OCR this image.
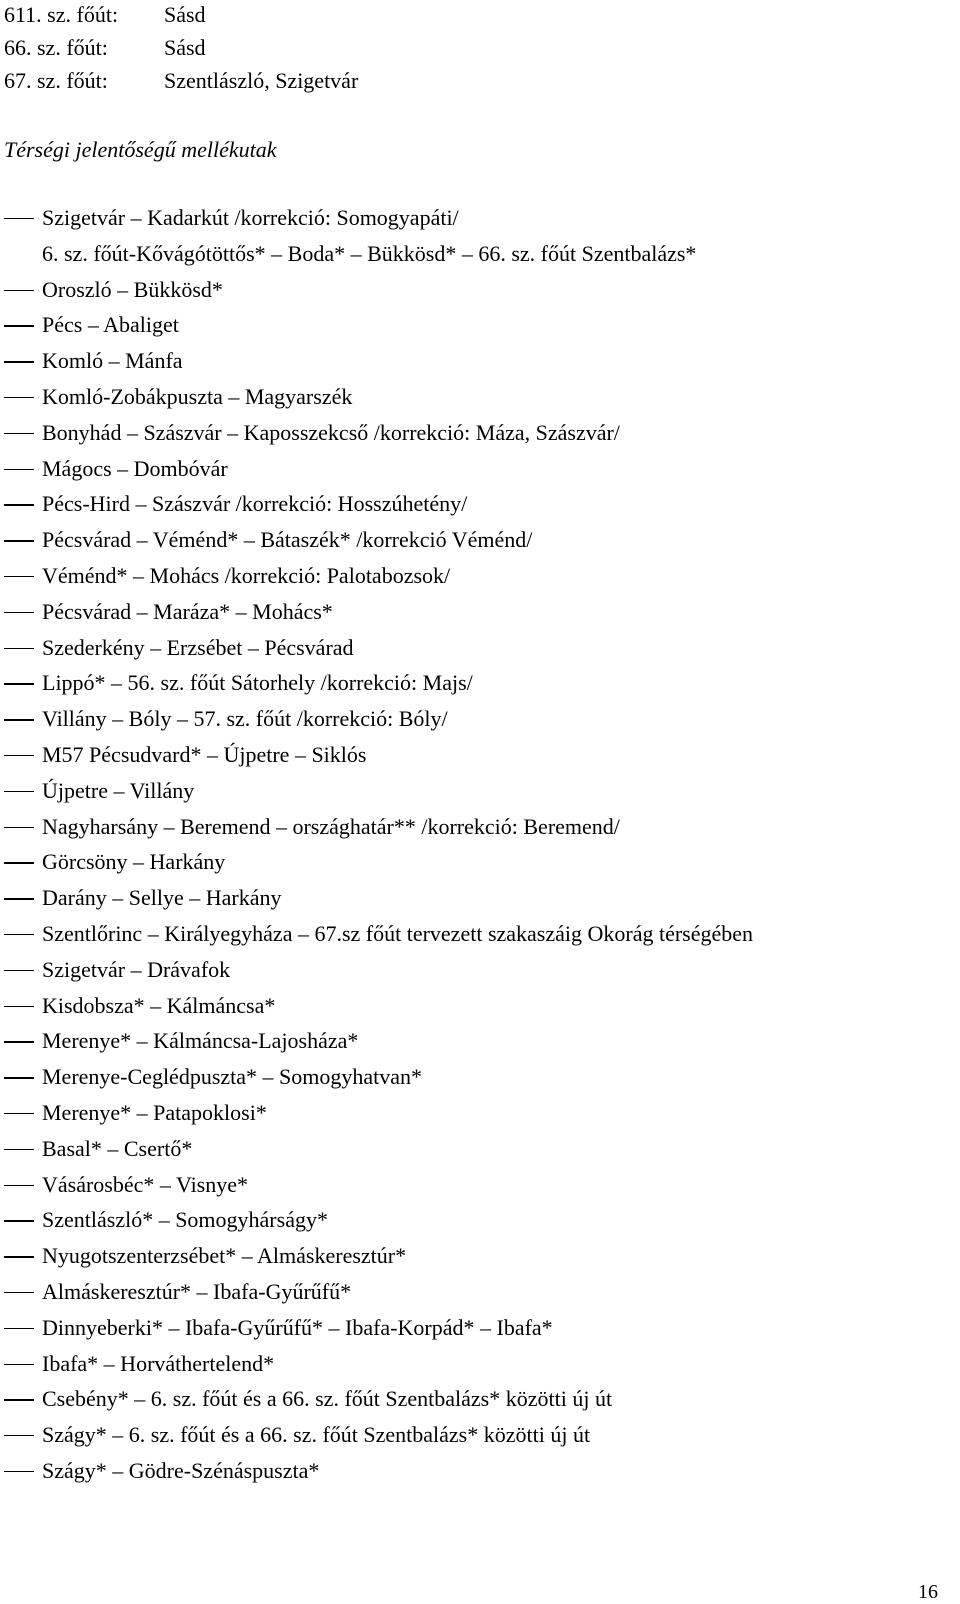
611. sz. főút: Sásd
66. sz. főút:	Sásd
67. sz. főút:	Szentlászló, Szigetvár
Térségi jelentőségű mellékutak
Szigetvár – Kadarkút /korrekció: Somogyapáti/
6. sz. főút-Kővágótöttős* – Boda* – Bükkösd* – 66. sz. főút Szentbalázs*
Oroszló – Bükkösd*
Pécs – Abaliget
Komló – Mánfa
Komló-Zobákpuszta – Magyarszék
Bonyhád – Szászvár – Kaposszekcső /korrekció: Máza, Szászvár/
Mágocs – Dombóvár
Pécs-Hird – Szászvár /korrekció: Hosszúhetény/
Pécsvárad – Véménd* – Bátaszék* /korrekció Véménd/
Véménd* – Mohács /korrekció: Palotabozsok/
Pécsvárad – Maráza* – Mohács*
Szederkény – Erzsébet – Pécsvárad
Lippó* – 56. sz. főút Sátorhely /korrekció: Majs/
Villány – Bóly – 57. sz. főút /korrekció: Bóly/
M57 Pécsudvard* – Újpetre – Siklós
Újpetre – Villány
Nagyharsány – Beremend – országhatár** /korrekció: Beremend/
Görcsöny – Harkány
Darány – Sellye – Harkány
Szentlőrinc – Királyegyháza – 67.sz főút tervezett szakaszáig Okorág térségében
Szigetvár – Drávafok
Kisdobsza* – Kálmáncsa*
Merenye* – Kálmáncsa-Lajosháza*
Merenye-Ceglédpuszta* – Somogyhatvan*
Merenye* – Patapoklosi*
Basal* – Csertő*
Vásárosbéc* – Visnye*
Szentlászló* – Somogyhárságy*
Nyugotszenterzsébet* – Almáskeresztúr*
Almáskeresztúr* – Ibafa-Gyűrűfű*
Dinnyeberki* – Ibafa-Gyűrűfű* – Ibafa-Korpád* – Ibafa*
Ibafa* – Horváthertelend*
Csebény* – 6. sz. főút és a 66. sz. főút Szentbalázs* közötti új út
Szágy* – 6. sz. főút és a 66. sz. főút Szentbalázs* közötti új út
Szágy* – Gödre-Szénáspuszta*
16
